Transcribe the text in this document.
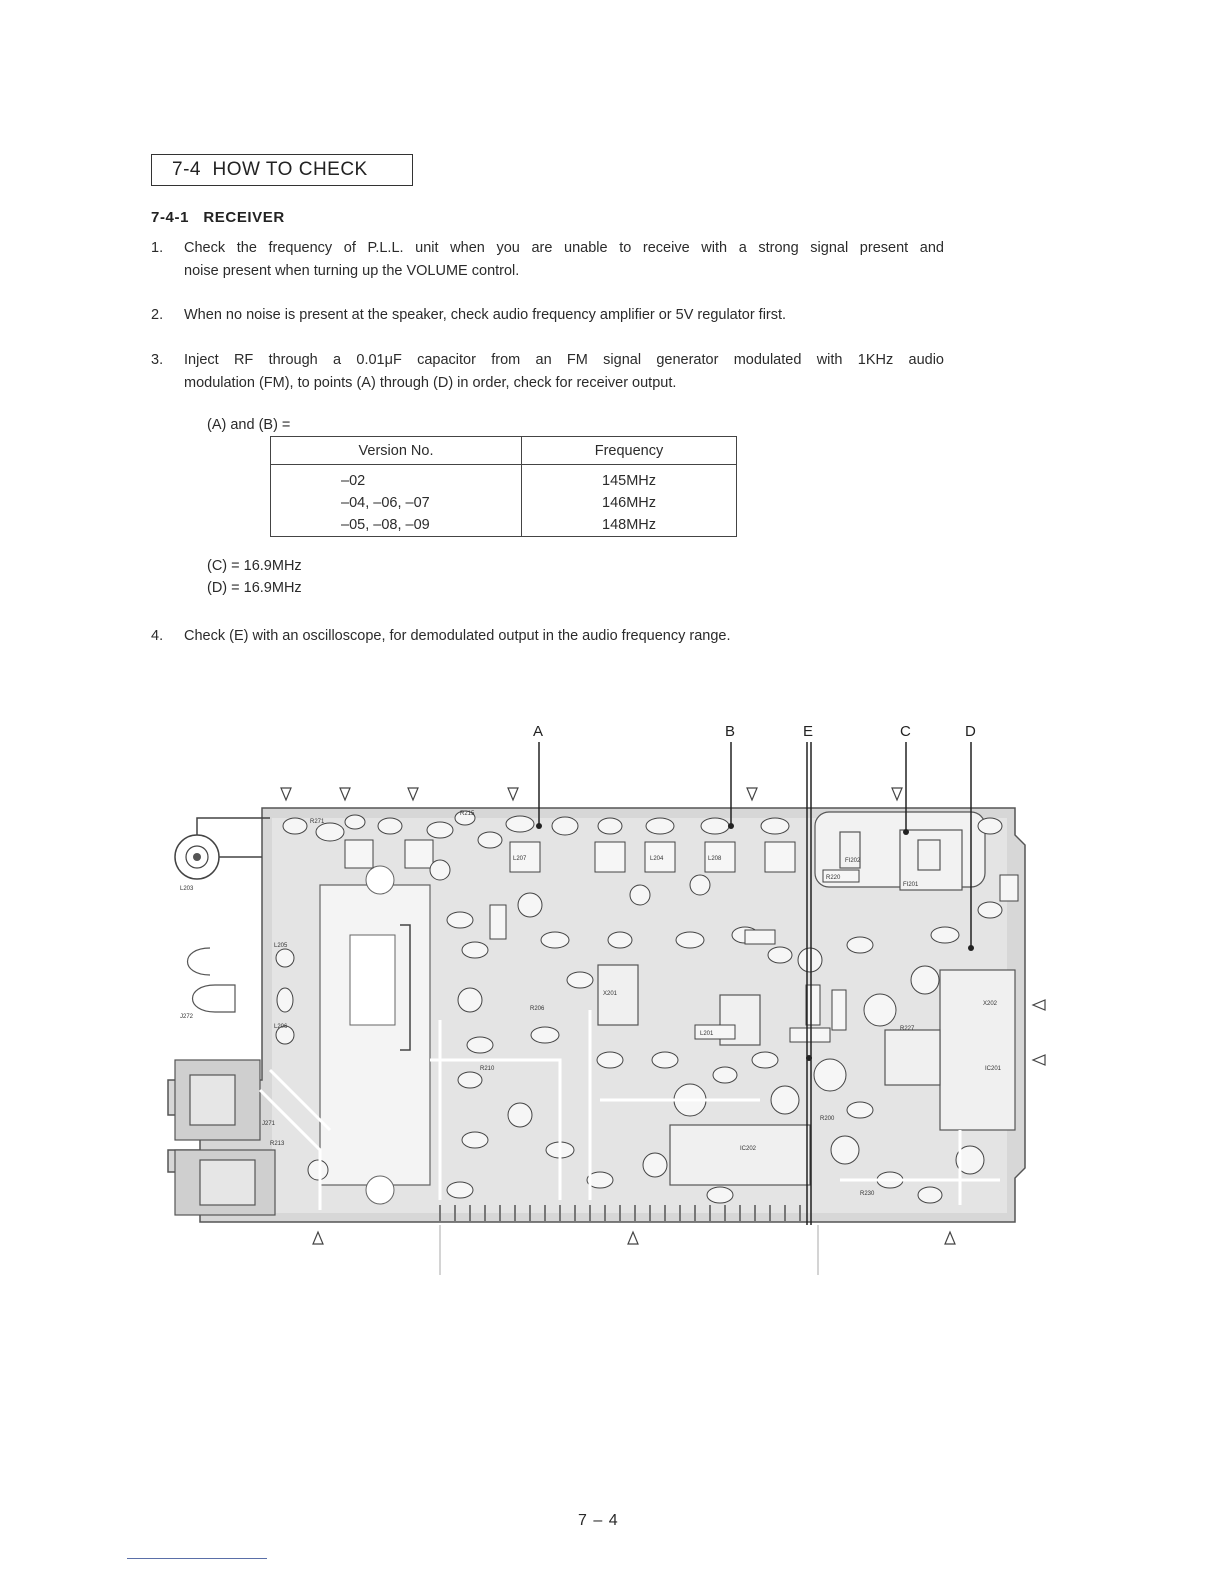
7-4 HOW TO CHECK
7-4-1 RECEIVER
1. Check the frequency of P.L.L. unit when you are unable to receive with a strong signal present and
noise present when turning up the VOLUME control.
2. When no noise is present at the speaker, check audio frequency amplifier or 5V regulator first.
3. Inject RF through a 0.01μF capacitor from an FM signal generator modulated with 1KHz audio
modulation (FM), to points (A) through (D) in order, check for receiver output.
(A) and (B) =
Version No.	Frequency
–02	145MHz
–04, –06, –07	146MHz
–05, –08, –09	148MHz
(C) = 16.9MHz
(D) = 16.9MHz
4. Check (E) with an oscilloscope, for demodulated output in the audio frequency range.
A	B	E	C	D
L203
R271
R213
R215
L205
L206
L207	L208
L201
L204
R220
R206
R227
R230
X202
X201
FI201
FI202
IC201
IC202
R210
R200
J271
J272
7 – 4
